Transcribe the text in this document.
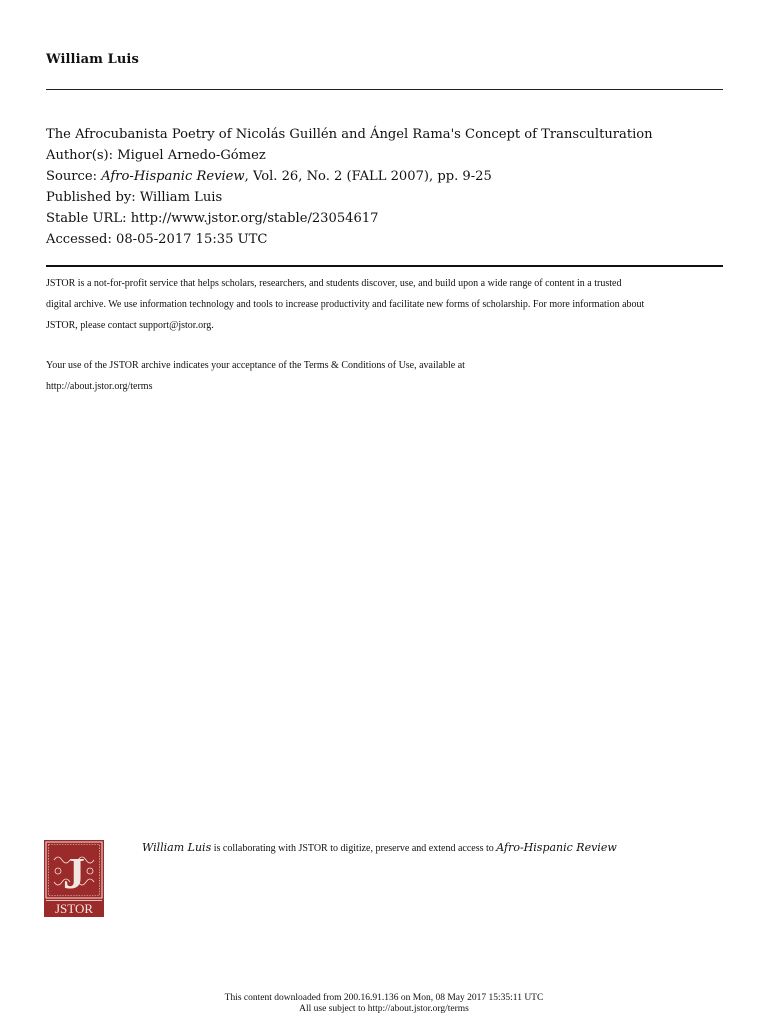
William Luis
The Afrocubanista Poetry of Nicolás Guillén and Ángel Rama's Concept of Transculturation
Author(s): Miguel Arnedo-Gómez
Source: Afro-Hispanic Review, Vol. 26, No. 2 (FALL 2007), pp. 9-25
Published by: William Luis
Stable URL: http://www.jstor.org/stable/23054617
Accessed: 08-05-2017 15:35 UTC

JSTOR is a not-for-profit service that helps scholars, researchers, and students discover, use, and build upon a wide range of content in a trusted

digital archive. We use information technology and tools to increase productivity and facilitate new forms of scholarship. For more information about

JSTOR, please contact support@jstor.org.

Your use of the JSTOR archive indicates your acceptance of the Terms & Conditions of Use, available at

http://about.jstor.org/terms

J
JSTOR
William Luis is collaborating with JSTOR to digitize, preserve and extend access to Afro-Hispanic Review
This content downloaded from 200.16.91.136 on Mon, 08 May 2017 15:35:11 UTC
All use subject to http://about.jstor.org/terms
